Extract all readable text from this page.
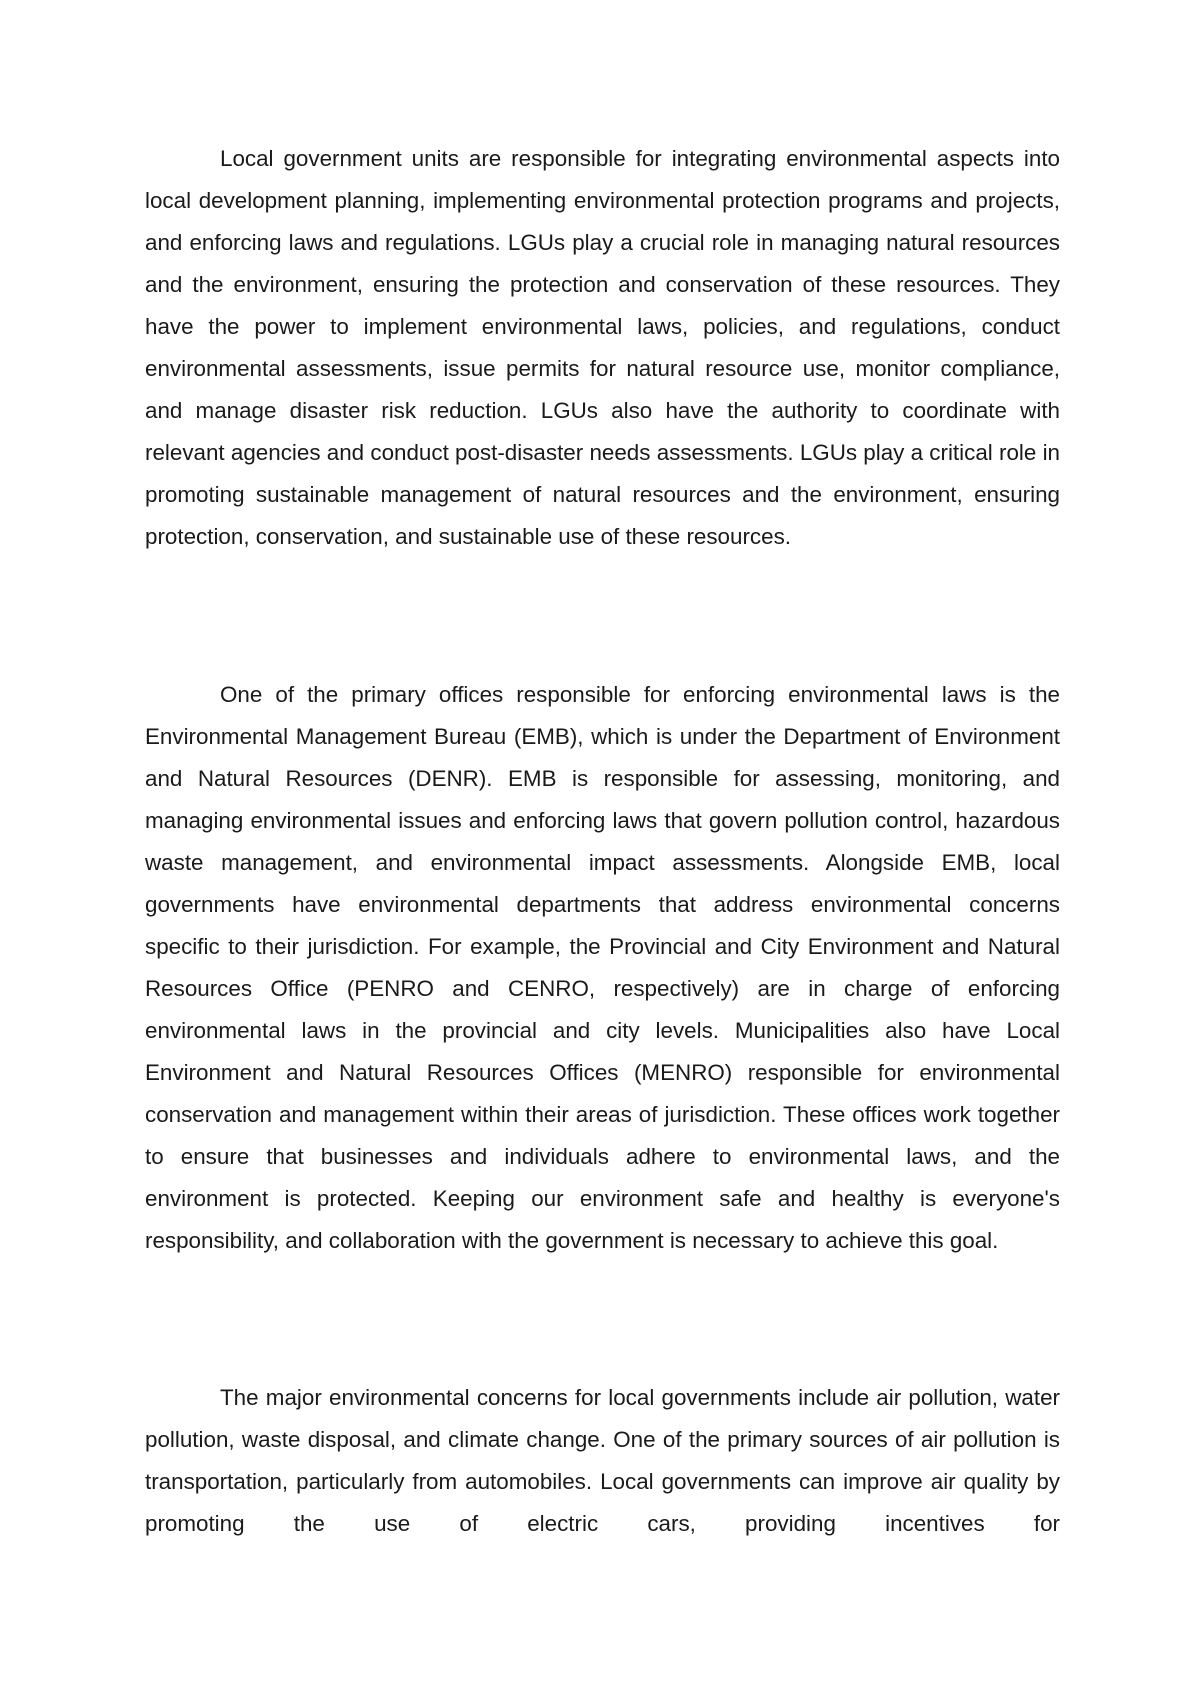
Local government units are responsible for integrating environmental aspects into local development planning, implementing environmental protection programs and projects, and enforcing laws and regulations. LGUs play a crucial role in managing natural resources and the environment, ensuring the protection and conservation of these resources. They have the power to implement environmental laws, policies, and regulations, conduct environmental assessments, issue permits for natural resource use, monitor compliance, and manage disaster risk reduction. LGUs also have the authority to coordinate with relevant agencies and conduct post-disaster needs assessments. LGUs play a critical role in promoting sustainable management of natural resources and the environment, ensuring protection, conservation, and sustainable use of these resources.

One of the primary offices responsible for enforcing environmental laws is the Environmental Management Bureau (EMB), which is under the Department of Environment and Natural Resources (DENR). EMB is responsible for assessing, monitoring, and managing environmental issues and enforcing laws that govern pollution control, hazardous waste management, and environmental impact assessments. Alongside EMB, local governments have environmental departments that address environmental concerns specific to their jurisdiction. For example, the Provincial and City Environment and Natural Resources Office (PENRO and CENRO, respectively) are in charge of enforcing environmental laws in the provincial and city levels. Municipalities also have Local Environment and Natural Resources Offices (MENRO) responsible for environmental conservation and management within their areas of jurisdiction. These offices work together to ensure that businesses and individuals adhere to environmental laws, and the environment is protected. Keeping our environment safe and healthy is everyone's responsibility, and collaboration with the government is necessary to achieve this goal.

The major environmental concerns for local governments include air pollution, water pollution, waste disposal, and climate change. One of the primary sources of air pollution is transportation, particularly from automobiles. Local governments can improve air quality by promoting the use of electric cars, providing incentives for
